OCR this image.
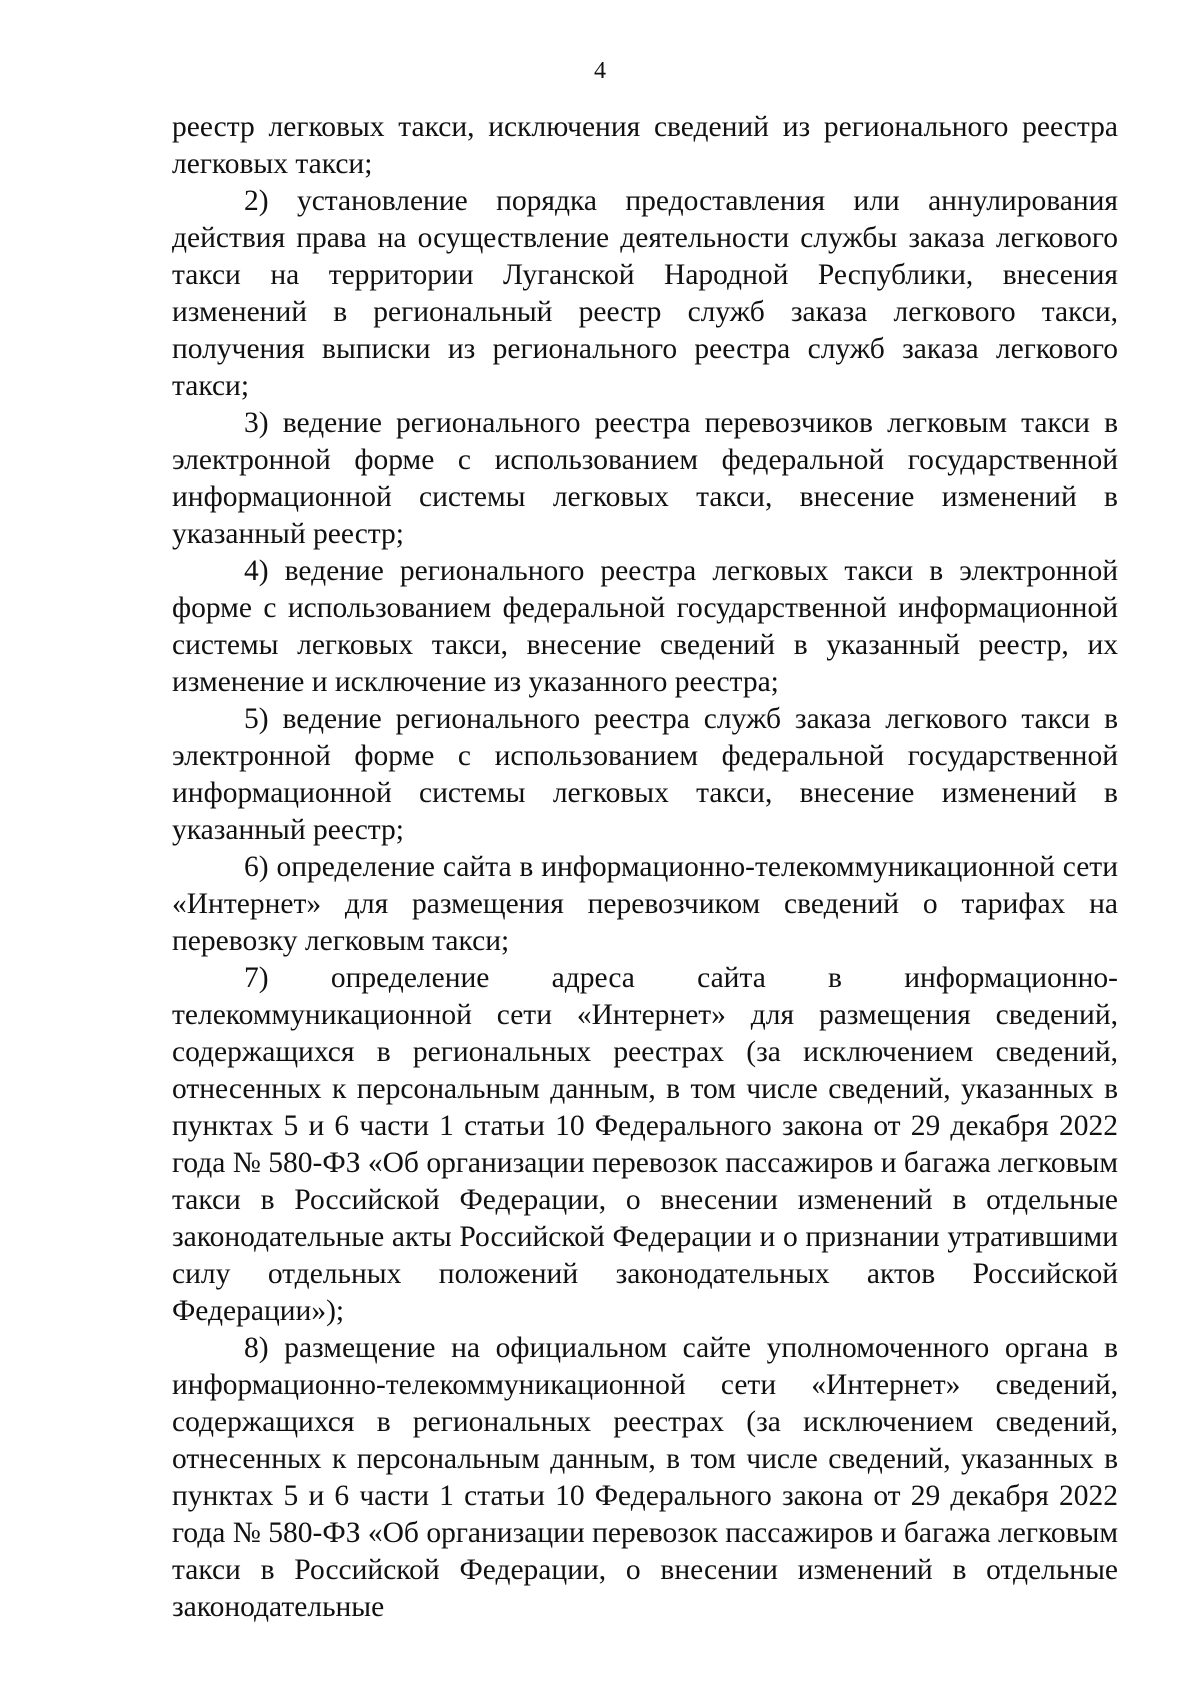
4

реестр легковых такси, исключения сведений из регионального реестра легковых такси;

2) установление порядка предоставления или аннулирования действия права на осуществление деятельности службы заказа легкового такси на территории Луганской Народной Республики, внесения изменений в региональный реестр служб заказа легкового такси, получения выписки из регионального реестра служб заказа легкового такси;

3) ведение регионального реестра перевозчиков легковым такси в электронной форме с использованием федеральной государственной информационной системы легковых такси, внесение изменений в указанный реестр;

4) ведение регионального реестра легковых такси в электронной форме с использованием федеральной государственной информационной системы легковых такси, внесение сведений в указанный реестр, их изменение и исключение из указанного реестра;

5) ведение регионального реестра служб заказа легкового такси в электронной форме с использованием федеральной государственной информационной системы легковых такси, внесение изменений в указанный реестр;

6) определение сайта в информационно-телекоммуникационной сети «Интернет» для размещения перевозчиком сведений о тарифах на перевозку легковым такси;

7) определение адреса сайта в информационно-телекоммуникационной сети «Интернет» для размещения сведений, содержащихся в региональных реестрах (за исключением сведений, отнесенных к персональным данным, в том числе сведений, указанных в пунктах 5 и 6 части 1 статьи 10 Федерального закона от 29 декабря 2022 года № 580-ФЗ «Об организации перевозок пассажиров и багажа легковым такси в Российской Федерации, о внесении изменений в отдельные законодательные акты Российской Федерации и о признании утратившими силу отдельных положений законодательных актов Российской Федерации»);

8) размещение на официальном сайте уполномоченного органа в информационно-телекоммуникационной сети «Интернет» сведений, содержащихся в региональных реестрах (за исключением сведений, отнесенных к персональным данным, в том числе сведений, указанных в пунктах 5 и 6 части 1 статьи 10 Федерального закона от 29 декабря 2022 года № 580-ФЗ «Об организации перевозок пассажиров и багажа легковым такси в Российской Федерации, о внесении изменений в отдельные законодательные
